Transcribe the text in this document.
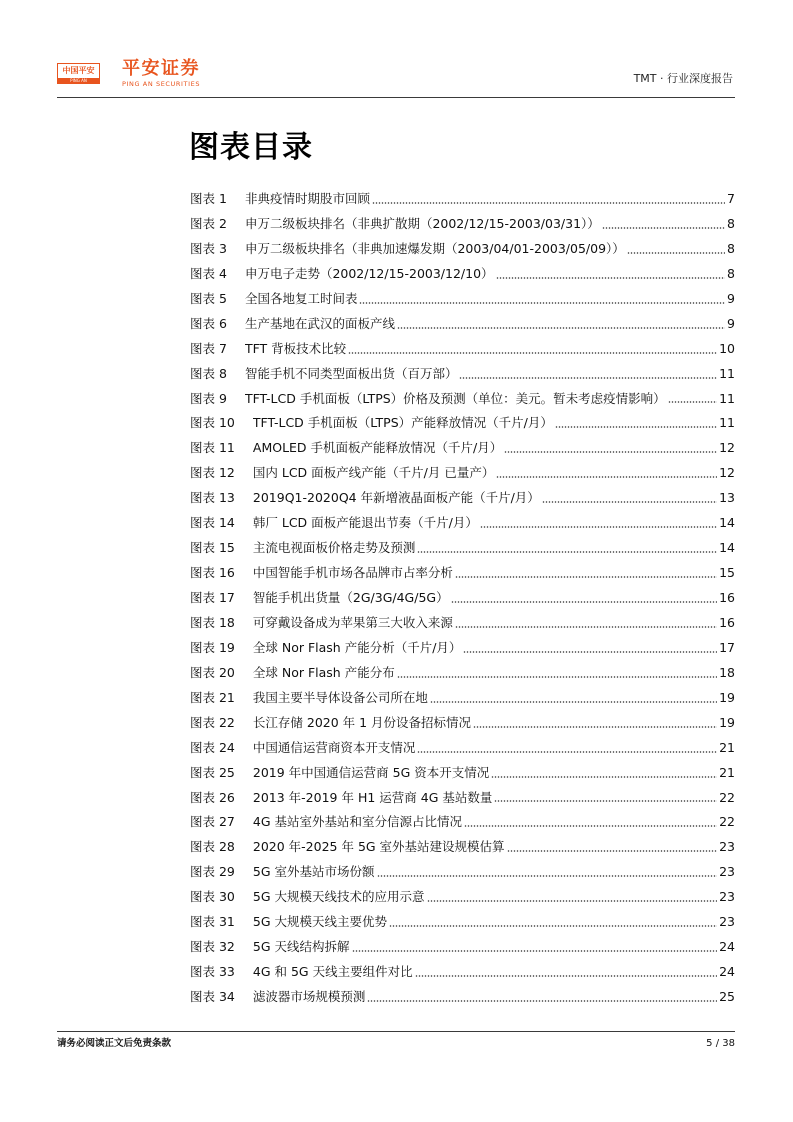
中国平安
PING AN
平安证券
PING AN SECURITIES	TMT · 行业深度报告
图表目录
图表 1 非典疫情时期股市回顾	7
图表 2 申万二级板块排名（非典扩散期（2002/12/15-2003/03/31））	8
图表 3 申万二级板块排名（非典加速爆发期（2003/04/01-2003/05/09））	8
图表 4 申万电子走势（2002/12/15-2003/12/10）	8
图表 5 全国各地复工时间表	9
图表 6 生产基地在武汉的面板产线	9
图表 7 TFT 背板技术比较	10
图表 8 智能手机不同类型面板出货（百万部）	11
图表 9 TFT-LCD 手机面板（LTPS）价格及预测（单位：美元。暂未考虑疫情影响）	11
图表 10 TFT-LCD 手机面板（LTPS）产能释放情况（千片/月）	11
图表 11 AMOLED 手机面板产能释放情况（千片/月）	12
图表 12 国内 LCD 面板产线产能（千片/月 已量产）	12
图表 13 2019Q1-2020Q4 年新增液晶面板产能（千片/月）	13
图表 14 韩厂 LCD 面板产能退出节奏（千片/月）	14
图表 15 主流电视面板价格走势及预测	14
图表 16 中国智能手机市场各品牌市占率分析	15
图表 17 智能手机出货量（2G/3G/4G/5G）	16
图表 18 可穿戴设备成为苹果第三大收入来源	16
图表 19 全球 Nor Flash 产能分析（千片/月）	17
图表 20 全球 Nor Flash 产能分布	18
图表 21 我国主要半导体设备公司所在地	19
图表 22 长江存储 2020 年 1 月份设备招标情况	19
图表 24 中国通信运营商资本开支情况	21
图表 25 2019 年中国通信运营商 5G 资本开支情况	21
图表 26 2013 年-2019 年 H1 运营商 4G 基站数量	22
图表 27 4G 基站室外基站和室分信源占比情况	22
图表 28 2020 年-2025 年 5G 室外基站建设规模估算	23
图表 29 5G 室外基站市场份额	23
图表 30 5G 大规模天线技术的应用示意	23
图表 31 5G 大规模天线主要优势	23
图表 32 5G 天线结构拆解	24
图表 33 4G 和 5G 天线主要组件对比	24
图表 34 滤波器市场规模预测	25
请务必阅读正文后免责条款	5 / 38
